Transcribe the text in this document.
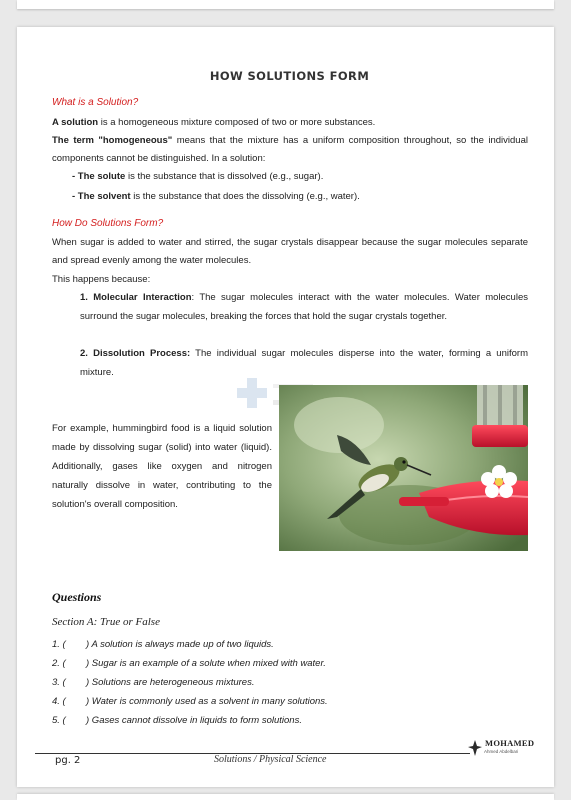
HOW SOLUTIONS FORM
What is a Solution?
A solution is a homogeneous mixture composed of two or more substances.
The term "homogeneous" means that the mixture has a uniform composition throughout, so the individual components cannot be distinguished. In a solution:
- The solute is the substance that is dissolved (e.g., sugar).
- The solvent is the substance that does the dissolving (e.g., water).
How Do Solutions Form?
When sugar is added to water and stirred, the sugar crystals disappear because the sugar molecules separate and spread evenly among the water molecules.
This happens because:
1. Molecular Interaction: The sugar molecules interact with the water molecules. Water molecules surround the sugar molecules, breaking the forces that hold the sugar crystals together.
2. Dissolution Process: The individual sugar molecules disperse into the water, forming a uniform mixture.
For example, hummingbird food is a liquid solution made by dissolving sugar (solid) into water (liquid). Additionally, gases like oxygen and nitrogen naturally dissolve in water, contributing to the solution's overall composition.
Questions
Section A: True or False
1. ( ) A solution is always made up of two liquids.
2. ( ) Sugar is an example of a solute when mixed with water.
3. ( ) Solutions are heterogeneous mixtures.
4. ( ) Water is commonly used as a solvent in many solutions.
5. ( ) Gases cannot dissolve in liquids to form solutions.
pg. 2	Solutions / Physical Science
MOHAMED
Ahmed Abdelbari
